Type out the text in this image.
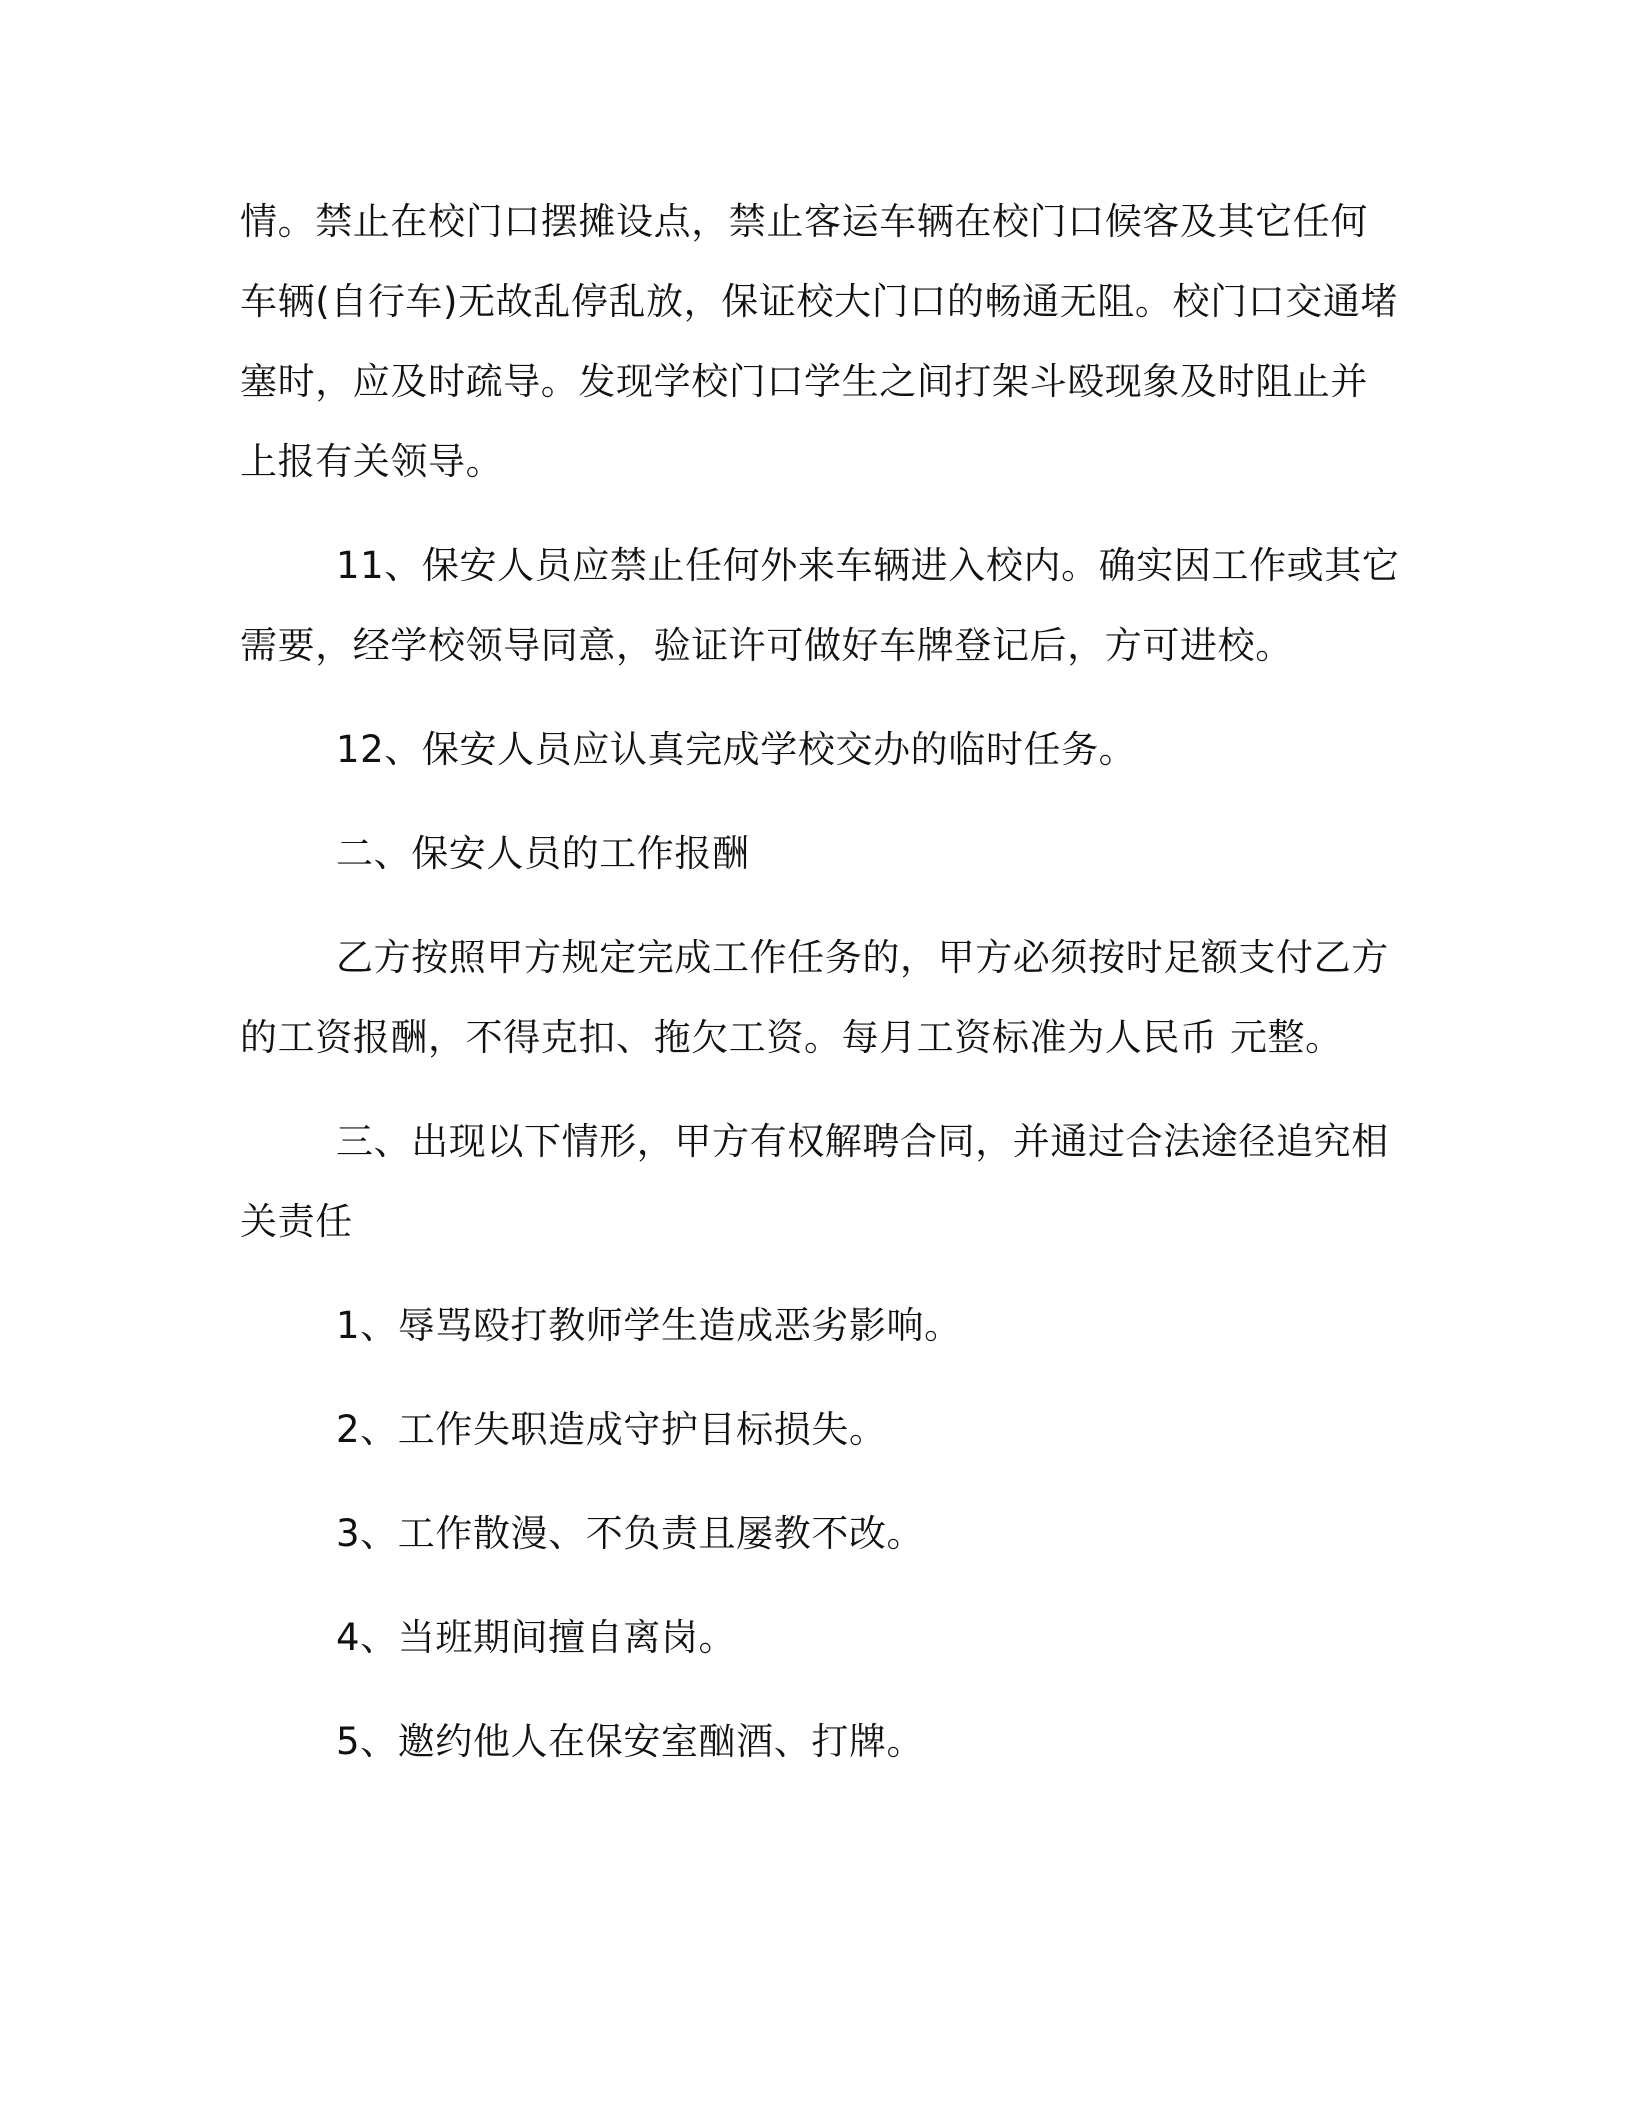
情。禁止在校门口摆摊设点，禁止客运车辆在校门口候客及其它任何
车辆(自行车)无故乱停乱放，保证校大门口的畅通无阻。校门口交通堵
塞时，应及时疏导。发现学校门口学生之间打架斗殴现象及时阻止并
上报有关领导。

11、保安人员应禁止任何外来车辆进入校内。确实因工作或其它
需要，经学校领导同意，验证许可做好车牌登记后，方可进校。

12、保安人员应认真完成学校交办的临时任务。

二、保安人员的工作报酬

乙方按照甲方规定完成工作任务的，甲方必须按时足额支付乙方
的工资报酬，不得克扣、拖欠工资。每月工资标准为人民币 元整。

三、出现以下情形，甲方有权解聘合同，并通过合法途径追究相
关责任

1、辱骂殴打教师学生造成恶劣影响。

2、工作失职造成守护目标损失。

3、工作散漫、不负责且屡教不改。

4、当班期间擅自离岗。

5、邀约他人在保安室酗酒、打牌。
